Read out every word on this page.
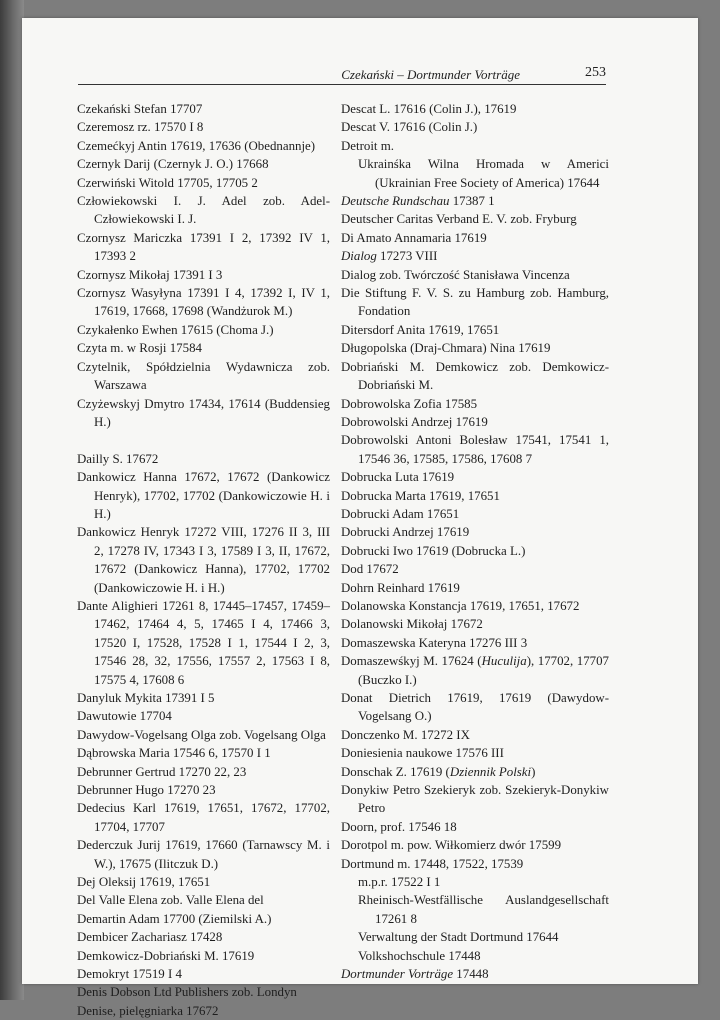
Czekański – Dortmunder Vorträge	253
Czekański Stefan 17707
Czeremosz rz. 17570 I 8
Czemećkyj Antin 17619, 17636 (Obednannje)
Czernyk Darij (Czernyk J. O.) 17668
Czerwiński Witold 17705, 17705 2
Człowiekowski I. J. Adel zob. Adel-Człowiekowski I. J.
Czornysz Mariczka 17391 I 2, 17392 IV 1, 17393 2
Czornysz Mikołaj 17391 I 3
Czornysz Wasyłyna 17391 I 4, 17392 I, IV 1, 17619, 17668, 17698 (Wandżurok M.)
Czykałenko Ewhen 17615 (Choma J.)
Czyta m. w Rosji 17584
Czytelnik, Spółdzielnia Wydawnicza zob. Warszawa
Czyżewskyj Dmytro 17434, 17614 (Buddensieg H.)
Dailly S. 17672
Dankowicz Hanna 17672, 17672 (Dankowicz Henryk), 17702, 17702 (Dankowiczowie H. i H.)
Dankowicz Henryk 17272 VIII, 17276 II 3, III 2, 17278 IV, 17343 I 3, 17589 I 3, II, 17672, 17672 (Dankowicz Hanna), 17702, 17702 (Dankowiczowie H. i H.)
Dante Alighieri 17261 8, 17445–17457, 17459–17462, 17464 4, 5, 17465 I 4, 17466 3, 17520 I, 17528, 17528 I 1, 17544 I 2, 3, 17546 28, 32, 17556, 17557 2, 17563 I 8, 17575 4, 17608 6
Danyluk Mykita 17391 I 5
Dawutowie 17704
Dawydow-Vogelsang Olga zob. Vogelsang Olga
Dąbrowska Maria 17546 6, 17570 I 1
Debrunner Gertrud 17270 22, 23
Debrunner Hugo 17270 23
Dedecius Karl 17619, 17651, 17672, 17702, 17704, 17707
Dederczuk Jurij 17619, 17660 (Tarnawscy M. i W.), 17675 (Ilitczuk D.)
Dej Olеksij 17619, 17651
Del Valle Elena zob. Valle Elena del
Demartin Adam 17700 (Ziemilski A.)
Dembicer Zachariasz 17428
Demkowicz-Dobriański M. 17619
Demokryt 17519 I 4
Denis Dobson Ltd Publishers zob. Londyn
Denise, pielęgniarka 17672
Descat L. 17616 (Colin J.), 17619
Descat V. 17616 (Colin J.)
Detroit m.
Ukrainśka Wilna Hromada w Americi (Ukrainian Free Society of America) 17644
Deutsche Rundschau 17387 1
Deutscher Caritas Verband E. V. zob. Fryburg
Di Amato Annamaria 17619
Dialog 17273 VIII
Dialog zob. Twórczość Stanisława Vincenza
Die Stiftung F. V. S. zu Hamburg zob. Hamburg, Fondation
Ditersdorf Anita 17619, 17651
Długopolska (Draj-Chmara) Nina 17619
Dobriański M. Demkowicz zob. Demkowicz-Dobriański M.
Dobrowolska Zofia 17585
Dobrowolski Andrzej 17619
Dobrowolski Antoni Bolesław 17541, 17541 1, 17546 36, 17585, 17586, 17608 7
Dobrucka Luta 17619
Dobrucka Marta 17619, 17651
Dobrucki Adam 17651
Dobrucki Andrzej 17619
Dobrucki Iwo 17619 (Dobrucka L.)
Dod 17672
Dohrn Reinhard 17619
Dolanowska Konstancja 17619, 17651, 17672
Dolanowski Mikołaj 17672
Domaszewska Kateryna 17276 III 3
Domaszewśkyj M. 17624 (Huculija), 17702, 17707 (Buczko I.)
Donat Dietrich 17619, 17619 (Dawydow-Vogelsang O.)
Donczenko M. 17272 IX
Doniesienia naukowe 17576 III
Donschak Z. 17619 (Dziennik Polski)
Donykiw Petro Szekieryk zob. Szekieryk-Donykiw Petro
Doorn, prof. 17546 18
Dorotpol m. pow. Wiłkomierz dwór 17599
Dortmund m. 17448, 17522, 17539
m.p.r. 17522 I 1
Rheinisch-Westfällische Auslandgesellschaft 17261 8
Verwaltung der Stadt Dortmund 17644
Volkshochschule 17448
Dortmunder Vorträge 17448
